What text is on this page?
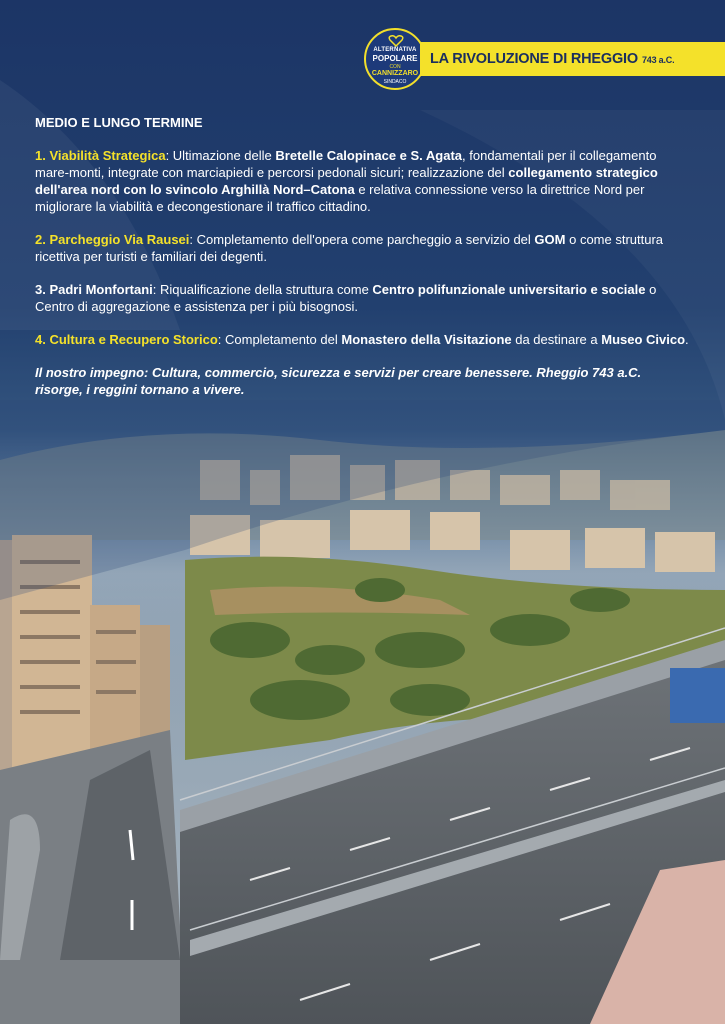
ALTERNATIVA
POPOLARE
CON
CANNIZZARO
SINDACO
LA RIVOLUZIONE DI RHEGGIO 743 a.C.

MEDIO E LUNGO TERMINE

1. Viabilità Strategica: Ultimazione delle Bretelle Calopinace e S. Agata, fondamentali per il collegamento mare-monti, integrate con marciapiedi e percorsi pedonali sicuri; realizzazione del collegamento strategico dell'area nord con lo svincolo Arghillà Nord–Catona e relativa connessione verso la direttrice Nord per migliorare la viabilità e decongestionare il traffico cittadino.

2. Parcheggio Via Rausei: Completamento dell'opera come parcheggio a servizio del GOM o come struttura ricettiva per turisti e familiari dei degenti.

3. Padri Monfortani: Riqualificazione della struttura come Centro polifunzionale universitario e sociale o Centro di aggregazione e assistenza per i più bisognosi.

4. Cultura e Recupero Storico: Completamento del Monastero della Visitazione da destinare a Museo Civico.

Il nostro impegno: Cultura, commercio, sicurezza e servizi per creare benessere. Rheggio 743 a.C. risorge, i reggini tornano a vivere.
